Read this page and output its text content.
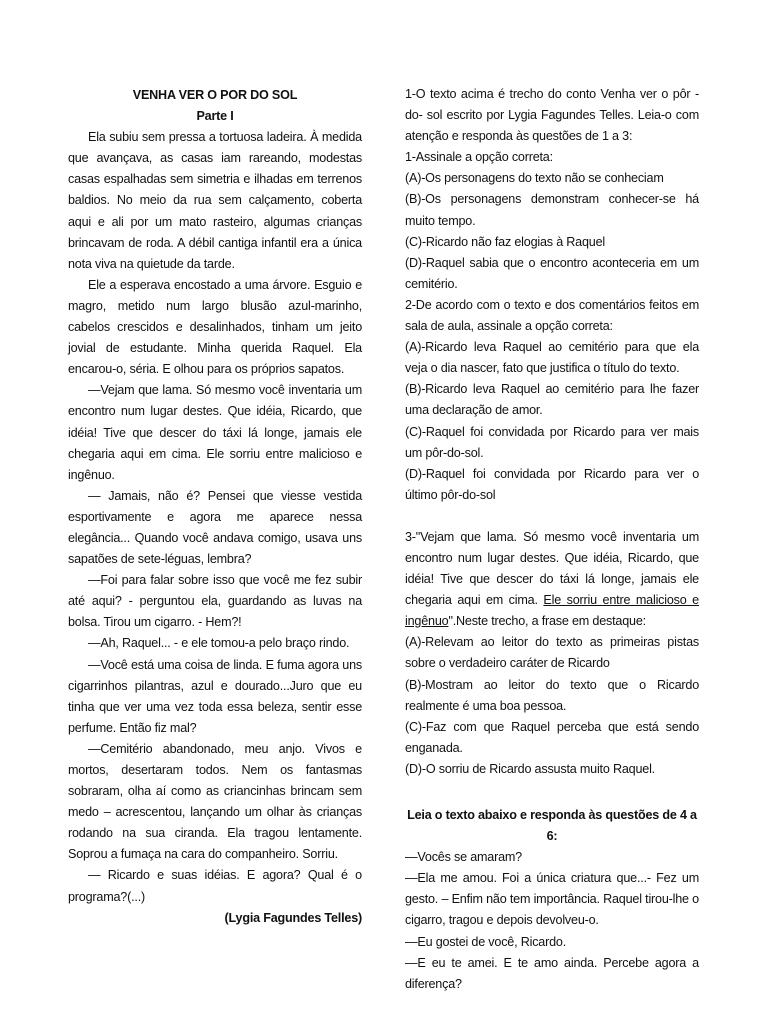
VENHA VER O POR DO SOL

Parte I

Ela subiu sem pressa a tortuosa ladeira. À medida que avançava, as casas iam rareando, modestas casas espalhadas sem simetria e ilhadas em terrenos baldios. No meio da rua sem calçamento, coberta aqui e ali por um mato rasteiro, algumas crianças brincavam de roda. A débil cantiga infantil era a única nota viva na quietude da tarde.

Ele a esperava encostado a uma árvore. Esguio e magro, metido num largo blusão azul-marinho, cabelos crescidos e desalinhados, tinham um jeito jovial de estudante. Minha querida Raquel. Ela encarou-o, séria. E olhou para os próprios sapatos.

—Vejam que lama. Só mesmo você inventaria um encontro num lugar destes. Que idéia, Ricardo, que idéia! Tive que descer do táxi lá longe, jamais ele chegaria aqui em cima. Ele sorriu entre malicioso e ingênuo.

— Jamais, não é? Pensei que viesse vestida esportivamente e agora me aparece nessa elegância... Quando você andava comigo, usava uns sapatões de sete-léguas, lembra?

—Foi para falar sobre isso que você me fez subir até aqui? - perguntou ela, guardando as luvas na bolsa. Tirou um cigarro. - Hem?!

—Ah, Raquel... - e ele tomou-a pelo braço rindo.

—Você está uma coisa de linda. E fuma agora uns cigarrinhos pilantras, azul e dourado...Juro que eu tinha que ver uma vez toda essa beleza, sentir esse perfume. Então fiz mal?

—Cemitério abandonado, meu anjo. Vivos e mortos, desertaram todos. Nem os fantasmas sobraram, olha aí como as criancinhas brincam sem medo – acrescentou, lançando um olhar às crianças rodando na sua ciranda. Ela tragou lentamente. Soprou a fumaça na cara do companheiro. Sorriu.

— Ricardo e suas idéias. E agora? Qual é o programa?(...)

(Lygia Fagundes Telles)

1-O texto acima é trecho do conto Venha ver o pôr -do- sol escrito por Lygia Fagundes Telles. Leia-o com atenção e responda às questões de 1 a 3:

1-Assinale a opção correta:

(A)-Os personagens do texto não se conheciam

(B)-Os personagens demonstram conhecer-se há muito tempo.

(C)-Ricardo não faz elogias à Raquel

(D)-Raquel sabia que o encontro aconteceria em um cemitério.

2-De acordo com o texto e dos comentários feitos em sala de aula, assinale a opção correta:

(A)-Ricardo leva Raquel ao cemitério para que ela veja o dia nascer, fato que justifica o título do texto.

(B)-Ricardo leva Raquel ao cemitério para lhe fazer uma declaração de amor.

(C)-Raquel foi convidada por Ricardo para ver mais um pôr-do-sol.

(D)-Raquel foi convidada por Ricardo para ver o último pôr-do-sol

3-"Vejam que lama. Só mesmo você inventaria um encontro num lugar destes. Que idéia, Ricardo, que idéia! Tive que descer do táxi lá longe, jamais ele chegaria aqui em cima. Ele sorriu entre malicioso e ingênuo".Neste trecho, a frase em destaque:

(A)-Relevam ao leitor do texto as primeiras pistas sobre o verdadeiro caráter de Ricardo

(B)-Mostram ao leitor do texto que o Ricardo realmente é uma boa pessoa.

(C)-Faz com que Raquel perceba que está sendo enganada.

(D)-O sorriu de Ricardo assusta muito Raquel.

Leia o texto abaixo e responda às questões de 4 a 6:

—Vocês se amaram?

—Ela me amou. Foi a única criatura que...- Fez um gesto. – Enfim não tem importância. Raquel tirou-lhe o cigarro, tragou e depois devolveu-o.

—Eu gostei de você, Ricardo.

—E eu te amei. E te amo ainda. Percebe agora a diferença?
